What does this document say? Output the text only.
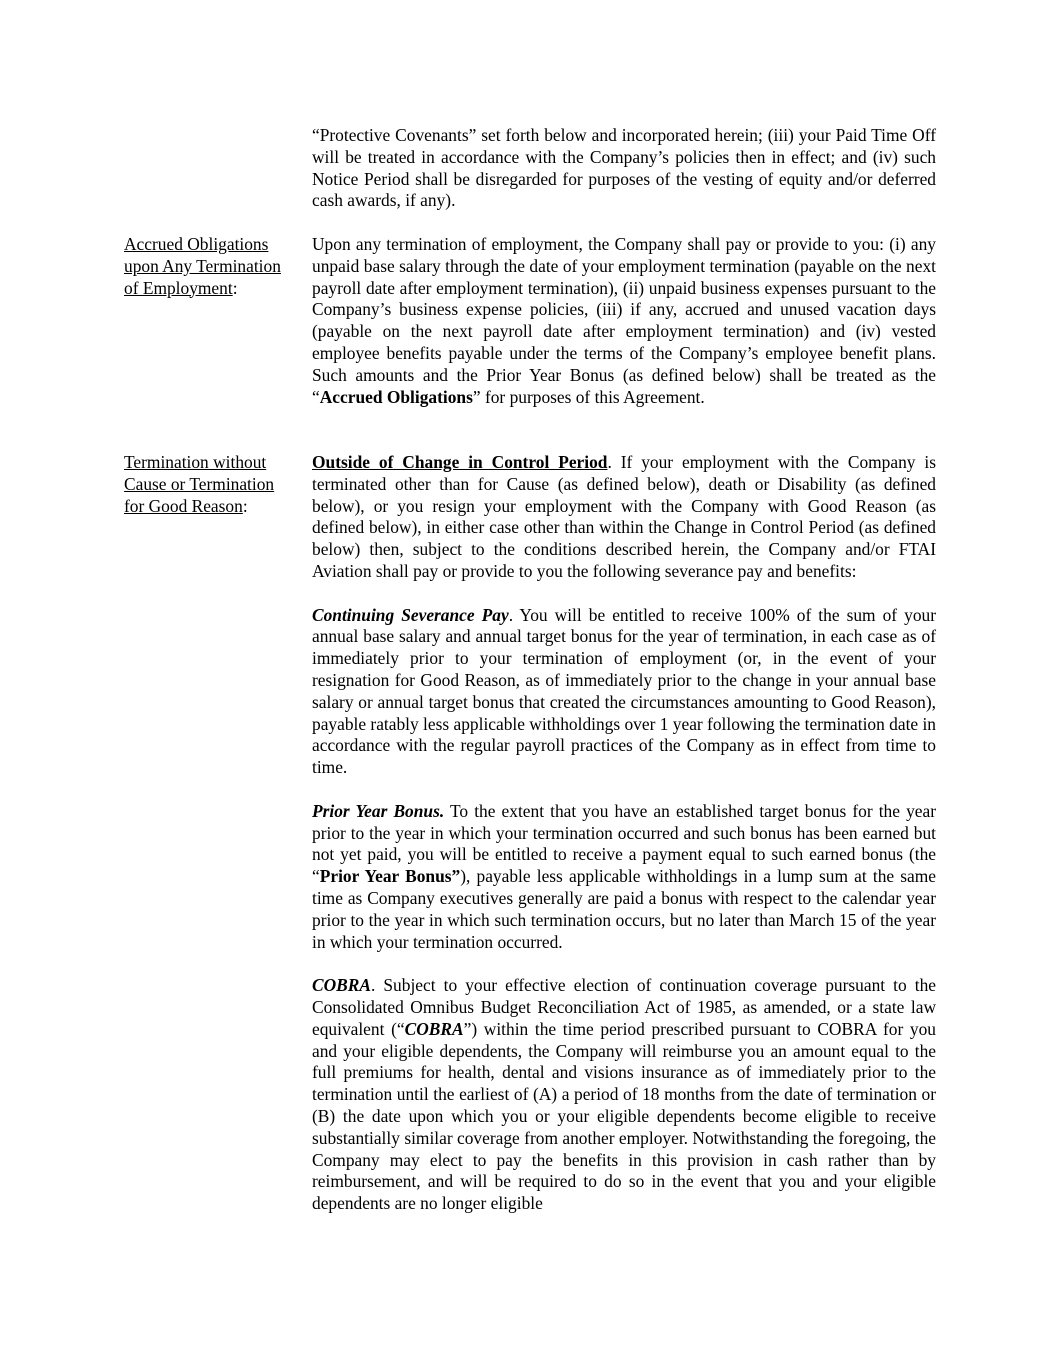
“Protective Covenants” set forth below and incorporated herein; (iii) your Paid Time Off will be treated in accordance with the Company’s policies then in effect; and (iv) such Notice Period shall be disregarded for purposes of the vesting of equity and/or deferred cash awards, if any).

Accrued Obligations upon Any Termination of Employment:

Upon any termination of employment, the Company shall pay or provide to you: (i) any unpaid base salary through the date of your employment termination (payable on the next payroll date after employment termination), (ii) unpaid business expenses pursuant to the Company’s business expense policies, (iii) if any, accrued and unused vacation days (payable on the next payroll date after employment termination) and (iv) vested employee benefits payable under the terms of the Company’s employee benefit plans. Such amounts and the Prior Year Bonus (as defined below) shall be treated as the “Accrued Obligations” for purposes of this Agreement.

Termination without Cause or Termination for Good Reason:

Outside of Change in Control Period. If your employment with the Company is terminated other than for Cause (as defined below), death or Disability (as defined below), or you resign your employment with the Company with Good Reason (as defined below), in either case other than within the Change in Control Period (as defined below) then, subject to the conditions described herein, the Company and/or FTAI Aviation shall pay or provide to you the following severance pay and benefits:

Continuing Severance Pay. You will be entitled to receive 100% of the sum of your annual base salary and annual target bonus for the year of termination, in each case as of immediately prior to your termination of employment (or, in the event of your resignation for Good Reason, as of immediately prior to the change in your annual base salary or annual target bonus that created the circumstances amounting to Good Reason), payable ratably less applicable withholdings over 1 year following the termination date in accordance with the regular payroll practices of the Company as in effect from time to time.

Prior Year Bonus. To the extent that you have an established target bonus for the year prior to the year in which your termination occurred and such bonus has been earned but not yet paid, you will be entitled to receive a payment equal to such earned bonus (the “Prior Year Bonus”), payable less applicable withholdings in a lump sum at the same time as Company executives generally are paid a bonus with respect to the calendar year prior to the year in which such termination occurs, but no later than March 15 of the year in which your termination occurred.

COBRA. Subject to your effective election of continuation coverage pursuant to the Consolidated Omnibus Budget Reconciliation Act of 1985, as amended, or a state law equivalent (“COBRA”) within the time period prescribed pursuant to COBRA for you and your eligible dependents, the Company will reimburse you an amount equal to the full premiums for health, dental and visions insurance as of immediately prior to the termination until the earliest of (A) a period of 18 months from the date of termination or (B) the date upon which you or your eligible dependents become eligible to receive substantially similar coverage from another employer. Notwithstanding the foregoing, the Company may elect to pay the benefits in this provision in cash rather than by reimbursement, and will be required to do so in the event that you and your eligible dependents are no longer eligible
